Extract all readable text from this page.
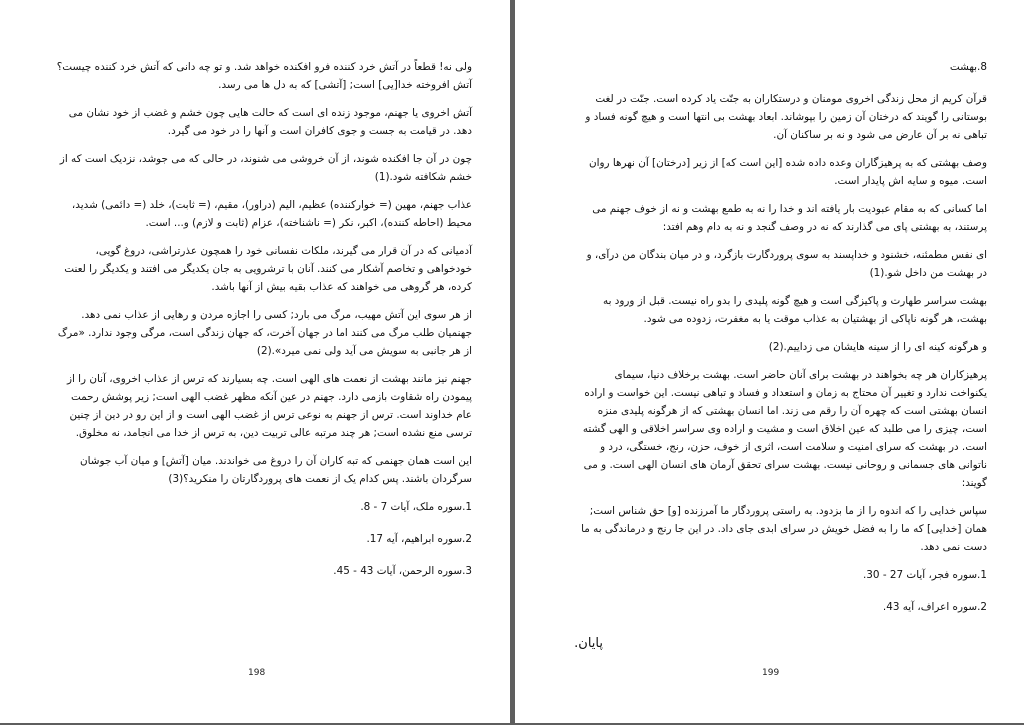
ولی نه! قطعاً در آتش خرد کننده فرو افکنده خواهد شد. و تو چه دانی که آتش خرد کننده چیست؟ آتش افروخته خدا[یی] است; [آتشی] که به دل ها می رسد.

آتش اخروی یا جهنم، موجود زنده ای است که حالت هایی چون خشم و غضب از خود نشان می دهد. در قیامت به جست و جوی کافران است و آنها را در خود می گیرد.

چون در آن جا افکنده شوند، از آن خروشی می شنوند، در حالی که می جوشد، نزدیک است که از خشم شکافته شود.(1)

عذاب جهنم، مهین (= خوارکننده) عظیم، الیم (دراور)، مقیم، (= ثابت)، خلد (= دائمی) شدید، محیط (احاطه کننده)، اکبر، نکر (= ناشناخته)، عزام (ثابت و لازم) و... است.

آدمیانی که در آن قرار می گیرند، ملکات نفسانی خود را همچون عذرتراشی، دروغ گویی، خودخواهی و تخاصم آشکار می کنند. آنان با ترشرویی به جان یکدیگر می افتند و یکدیگر را لعنت کرده، هر گروهی می خواهند که عذاب بقیه بیش از آنها باشد.

از هر سوی این آتش مهیب، مرگ می بارد; کسی را اجازه مردن و رهایی از عذاب نمی دهد. جهنمیان طلب مرگ می کنند اما در جهان آخرت، که جهان زندگی است، مرگی وجود ندارد. «مرگ از هر جانبی به سویش می آید ولی نمی میرد».(2)

جهنم نیز مانند بهشت از نعمت های الهی است. چه بسیارند که ترس از عذاب اخروی، آنان را از پیمودن راه شقاوت بازمی دارد. جهنم در عین آنکه مظهر غضب الهی است; زیر پوشش رحمت عام خداوند است. ترس از جهنم به نوعی ترس از غضب الهی است و از این رو در دین از چنین ترسی منع نشده است; هر چند مرتبه عالی تربیت دین، به ترس از خدا می انجامد، نه مخلوق.

این است همان جهنمی که تبه کاران آن را دروغ می خواندند. میان [آتش] و میان آب جوشان سرگردان باشند. پس کدام یک از نعمت های پروردگارتان را منکرید؟(3)

1.سوره ملک، آیات 7 - 8.

2.سوره ابراهیم، آیه 17.

3.سوره الرحمن، آیات 43 - 45.

198

8.بهشت

قرآن کریم از محل زندگی اخروی مومنان و درستکاران به جنّت یاد کرده است. جنّت در لغت بوستانی را گویند که درختان آن زمین را بپوشاند. ابعاد بهشت بی انتها است و هیچ گونه فساد و تباهی نه بر آن عارض می شود و نه بر ساکنان آن.

وصف بهشتی که به پرهیزگاران وعده داده شده [این است که] از زیر [درختان] آن نهرها روان است. میوه و سایه اش پایدار است.

اما کسانی که به مقام عبودیت بار یافته اند و خدا را نه به طمع بهشت و نه از خوف جهنم می پرستند، به بهشتی پای می گذارند که نه در وصف گنجد و نه به دام وهم افتد:

ای نفس مطمئنه، خشنود و خداپسند به سوی پروردگارت بازگرد، و در میان بندگان من درآی، و در بهشت من داخل شو.(1)

بهشت سراسر طهارت و پاکیزگی است و هیچ گونه پلیدی را بدو راه نیست. قبل از ورود به بهشت، هر گونه ناپاکی از بهشتیان به عذاب موقت یا به مغفرت، زدوده می شود.

و هرگونه کینه ای را از سینه هایشان می زداییم.(2)

پرهیزکاران هر چه بخواهند در بهشت برای آنان حاضر است. بهشت برخلاف دنیا، سیمای یکنواخت ندارد و تغییر آن محتاج به زمان و استعداد و فساد و تباهی نیست. این خواست و اراده انسان بهشتی است که چهره آن را رقم می زند. اما انسان بهشتی که از هرگونه پلیدی منزه است، چیزی را می طلبد که عین اخلاق است و مشیت و اراده وی سراسر اخلاقی و الهی گشته است. در بهشت که سرای امنیت و سلامت است، اثری از خوف، حزن، رنج، خستگی، درد و ناتوانی های جسمانی و روحانی نیست. بهشت سرای تحقق آرمان های انسان الهی است. و می گویند:

سپاس خدایی را که اندوه را از ما بزدود. به راستی پروردگار ما آمرزنده [و] حق شناس است; همان [خدایی] که ما را به فضل خویش در سرای ابدی جای داد. در این جا رنج و درماندگی به ما دست نمی دهد.

1.سوره فجر، آیات 27 - 30.

2.سوره اعراف، آیه 43.

پایان.
199
